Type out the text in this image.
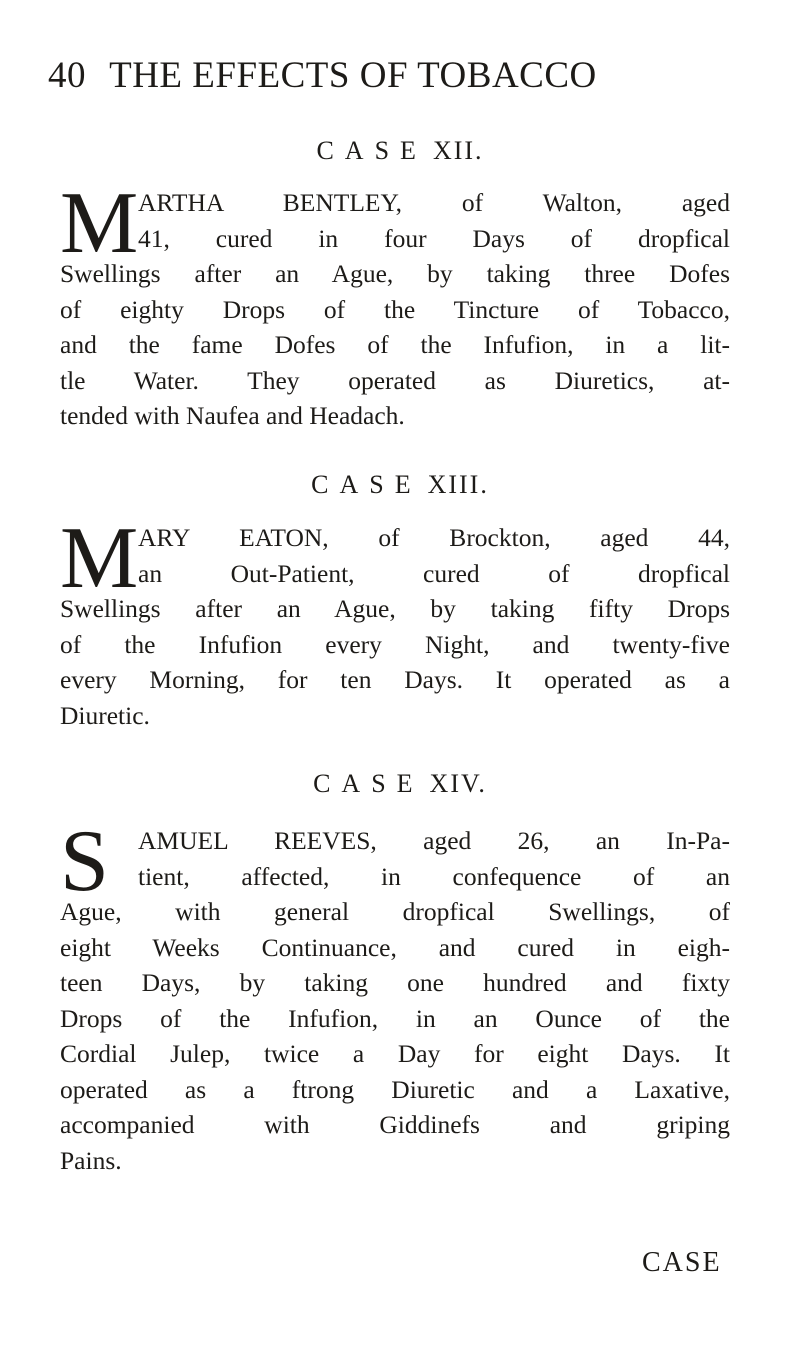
40 THE EFFECTS OF TOBACCO
CASE XII.
M ARTHA BENTLEY, of Walton, aged
41, cured in four Days of dropfical
Swellings after an Ague, by taking three Dofes
of eighty Drops of the Tincture of Tobacco,
and the fame Dofes of the Infufion, in a lit-
tle Water. They operated as Diuretics, at-
tended with Naufea and Headach.
CASE XIII.
M ARY EATON, of Brockton, aged 44,
an Out-Patient, cured of dropfical
Swellings after an Ague, by taking fifty Drops
of the Infufion every Night, and twenty-five
every Morning, for ten Days. It operated as a
Diuretic.
CASE XIV.
S	AMUEL REEVES, aged 26, an In-Pa-
tient, affected, in confequence of an
Ague, with general dropfical Swellings, of
eight Weeks Continuance, and cured in eigh-
teen Days, by taking one hundred and fixty
Drops of the Infufion, in an Ounce of the
Cordial Julep, twice a Day for eight Days. It
operated as a ftrong Diuretic and a Laxative,
accompanied with Giddinefs and griping
Pains.
CASE
